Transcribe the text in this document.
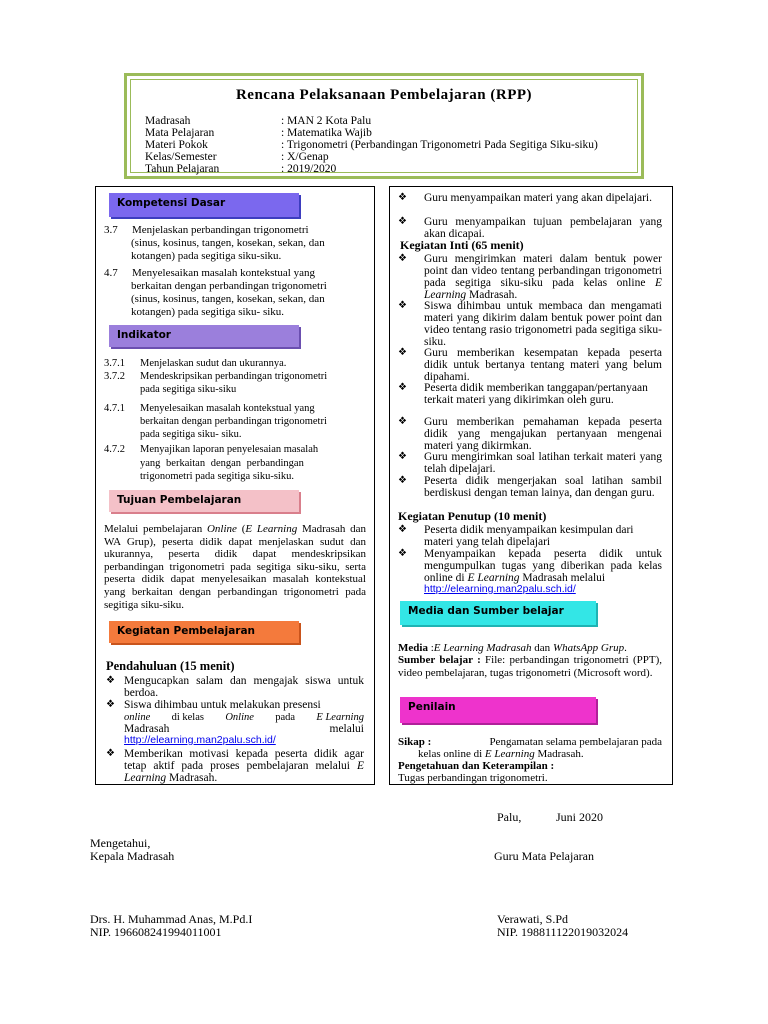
Rencana Pelaksanaan Pembelajaran (RPP)
Madrasah	: MAN 2 Kota Palu
Mata Pelajaran	: Matematika Wajib
Materi Pokok	: Trigonometri (Perbandingan Trigonometri Pada Segitiga Siku-siku)
Kelas/Semester	: X/Genap
Tahun Pelajaran	: 2019/2020
Kompetensi Dasar
3.7 Menjelaskan perbandingan trigonometri
(sinus, kosinus, tangen, kosekan, sekan, dan
kotangen) pada segitiga siku-siku.
4.7 Menyelesaikan masalah kontekstual yang
berkaitan dengan perbandingan trigonometri
(sinus, kosinus, tangen, kosekan, sekan, dan
kotangen) pada segitiga siku- siku.
Indikator
3.7.1 Menjelaskan sudut dan ukurannya.
3.7.2 Mendeskripsikan perbandingan trigonometri
pada segitiga siku-siku
4.7.1 Menyelesaikan masalah kontekstual yang
berkaitan dengan perbandingan trigonometri
pada segitiga siku- siku.
4.7.2 Menyajikan laporan penyelesaian masalah
yang berkaitan dengan perbandingan
trigonometri pada segitiga siku-siku.
Tujuan Pembelajaran
Melalui pembelajaran Online (E Learning Madrasah dan WA Grup), peserta didik dapat menjelaskan sudut dan ukurannya, peserta didik dapat mendeskripsikan perbandingan trigonometri pada segitiga siku-siku, serta peserta didik dapat menyelesaikan masalah kontekstual yang berkaitan dengan perbandingan trigonometri pada segitiga siku-siku.
Kegiatan Pembelajaran
Pendahuluan (15 menit)
❖ Mengucapkan salam dan mengajak siswa untuk berdoa.
❖ Siswa dihimbau untuk melakukan presensi
online di kelas Online pada E Learning
Madrasah	melalui
http://elearning.man2palu.sch.id/
❖ Memberikan motivasi kepada peserta didik agar tetap aktif pada proses pembelajaran melalui E Learning Madrasah.
❖ Guru menyampaikan materi yang akan dipelajari.
❖ Guru menyampaikan tujuan pembelajaran yang akan dicapai.
Kegiatan Inti (65 menit)
❖ Guru mengirimkan materi dalam bentuk power point dan video tentang perbandingan trigonometri pada segitiga siku-siku pada kelas online E Learning Madrasah.
❖ Siswa dihimbau untuk membaca dan mengamati materi yang dikirim dalam bentuk power point dan video tentang rasio trigonometri pada segitiga siku-siku.
❖ Guru memberikan kesempatan kepada peserta didik untuk bertanya tentang materi yang belum dipahami.
❖ Peserta didik memberikan tanggapan/pertanyaan terkait materi yang dikirimkan oleh guru.
❖ Guru memberikan pemahaman kepada peserta didik yang mengajukan pertanyaan mengenai materi yang dikirmkan.
❖ Guru mengirimkan soal latihan terkait materi yang telah dipelajari.
❖ Peserta didik mengerjakan soal latihan sambil berdiskusi dengan teman lainya, dan dengan guru.
Kegiatan Penutup (10 menit)
❖ Peserta didik menyampaikan kesimpulan dari materi yang telah dipelajari
❖ Menyampaikan kepada peserta didik untuk mengumpulkan tugas yang diberikan pada kelas online di E Learning Madrasah melalui
http://elearning.man2palu.sch.id/
Media dan Sumber belajar
Media :E Learning Madrasah dan WhatsApp Grup.
Sumber belajar : File: perbandingan trigonometri (PPT), video pembelajaran, tugas trigonometri (Microsoft word).
Penilain
Sikap :	Pengamatan selama pembelajaran pada
kelas online di E Learning Madrasah.
Pengetahuan dan Keterampilan :
Tugas perbandingan trigonometri.
Palu,	Juni 2020
Mengetahui,
Kepala Madrasah	Guru Mata Pelajaran
Drs. H. Muhammad Anas, M.Pd.I
NIP. 196608241994011001
Verawati, S.Pd
NIP. 198811122019032024
